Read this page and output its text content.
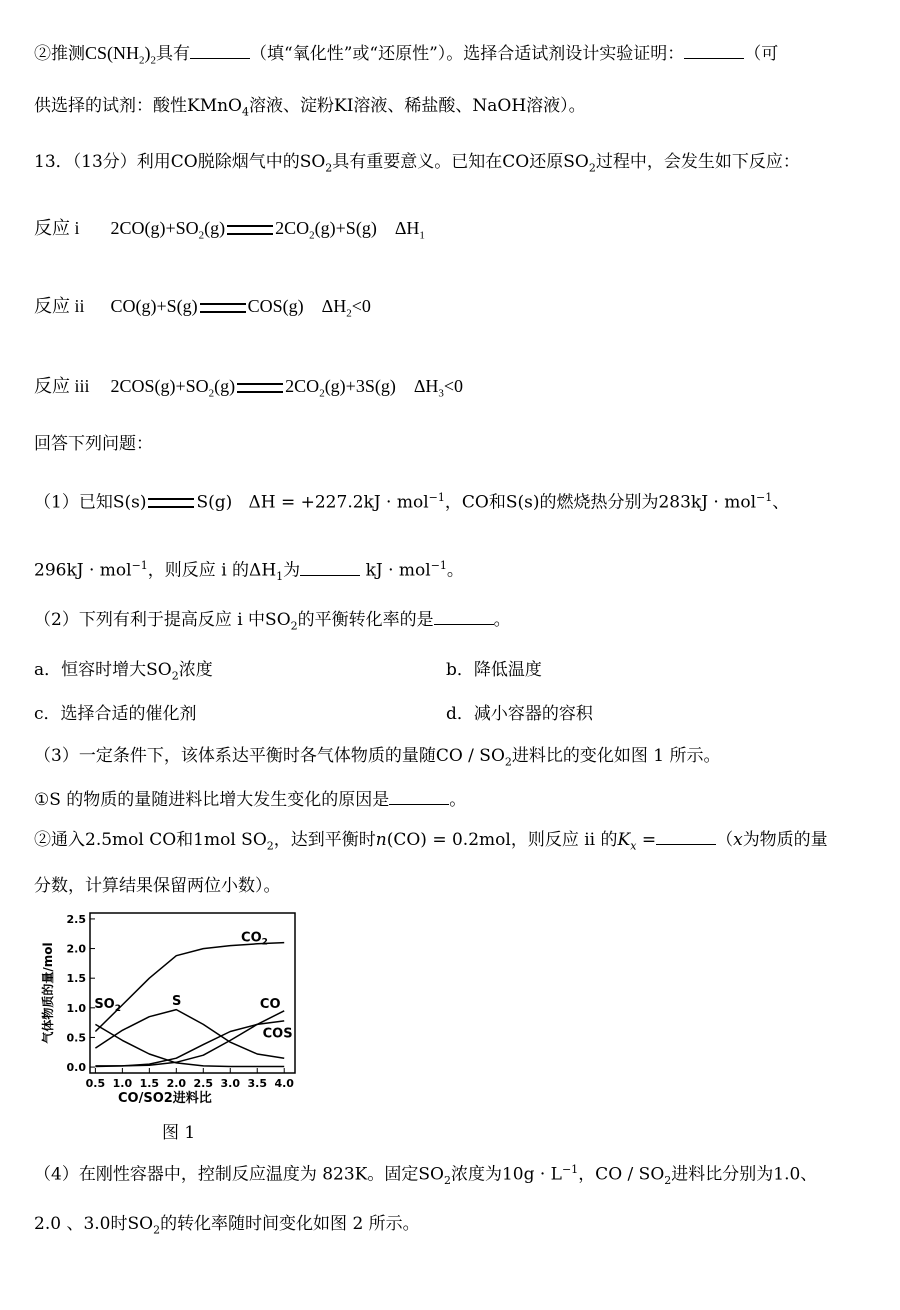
②推测$CS(NH_2)_2$具有	（填“氧化性”或“还原性”）。选择合适试剂设计实验证明：	（可
供选择的试剂：酸性KMnO$_4$溶液、淀粉KI溶液、稀盐酸、NaOH溶液）。
13．（13分）利用CO脱除烟气中的$SO_2$具有重要意义。已知在CO还原$SO_2$过程中，会发生如下反应：
反应 i $2CO(g)+SO_2(g)$	$2CO_2(g)+S(g)$ $\Delta H_1$
反应 ii CO(g)+S(g)	COS(g) $\Delta H_2<0$
反应 iii $2COS(g)+SO_2(g)$	$2CO_2(g)+3S(g)$ $\Delta H_3<0$
回答下列问题：
（1）已知S(s)	S(g) ΔH = +227.2kJ · mol$^{-1}$，CO和S(s)的燃烧热分别为283kJ · mol$^{-1}$、
296kJ · mol$^{-1}$，则反应 i 的$\Delta H_1$为	kJ · mol$^{-1}$。
（2）下列有利于提高反应 i 中$SO_2$的平衡转化率的是	。
a．恒容时增大$SO_2$浓度	b．降低温度
c．选择合适的催化剂	d．减小容器的容积
（3）一定条件下，该体系达平衡时各气体物质的量随CO / $SO_2$进料比的变化如图 1 所示。
①S 的物质的量随进料比增大发生变化的原因是	。
②通入2.5mol CO和1mol $SO_2$，达到平衡时n(CO) = 0.2mol，则反应 ii 的$K_x$ =	（x为物质的量
分数，计算结果保留两位小数）。
0.0
0.5
1.0
1.5
2.0
2.5
0.5 1.0 1.5 2.0 2.5 3.0 3.5 4.0
$CO_2$
$SO_2$	S	CO
COS
气体物质的量/mol
CO/SO2进料比
图 1
（4）在刚性容器中，控制反应温度为 823K。固定$SO_2$浓度为$10g \cdot L^{-1}$，CO / $SO_2$进料比分别为1.0、
2.0 、3.0时$SO_2$的转化率随时间变化如图 2 所示。
